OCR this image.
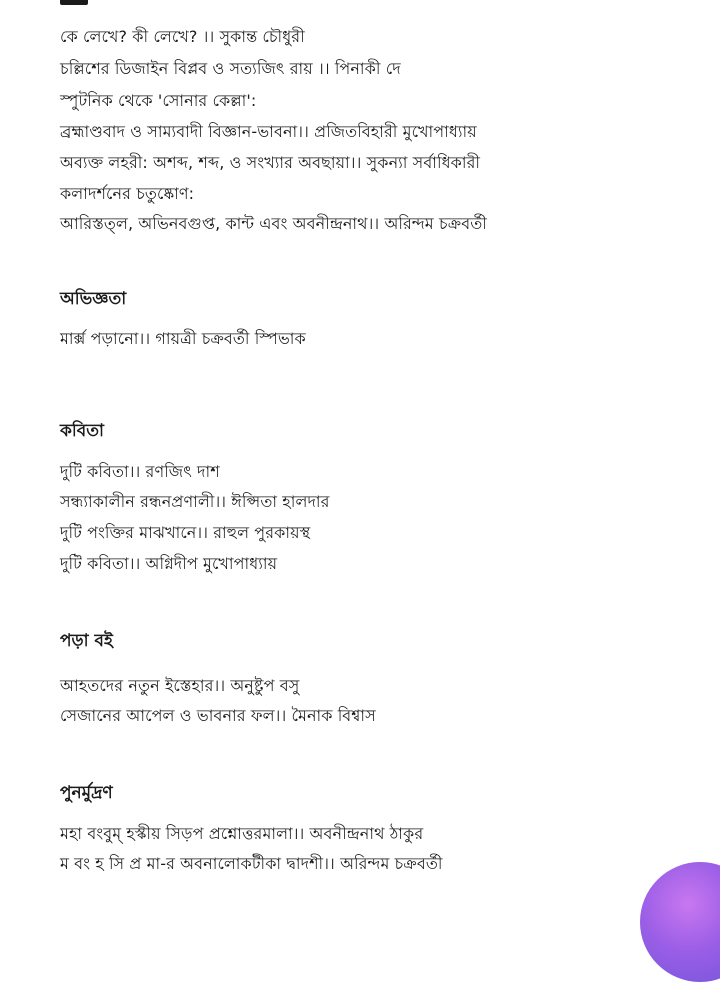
কে লেখে? কী লেখে? ।। সুকান্ত চৌধুরী
চল্লিশের ডিজাইন বিপ্লব ও সত্যজিৎ রায় ।। পিনাকী দে
স্পুটনিক থেকে 'সোনার কেল্লা':
ব্রহ্মাণ্ডবাদ ও সাম্যবাদী বিজ্ঞান-ভাবনা।। প্রজিতবিহারী মুখোপাধ্যায়
অব্যক্ত লহরী: অশব্দ, শব্দ, ও সংখ্যার অবছায়া।। সুকন্যা সর্বাধিকারী
কলাদর্শনের চতুষ্কোণ:
আরিস্তত্‌ল, অভিনবগুপ্ত, কান্ট এবং অবনীন্দ্রনাথ।। অরিন্দম চক্রবর্তী
অভিজ্ঞতা
মার্ক্স পড়ানো।। গায়ত্রী চক্রবর্তী স্পিভাক
কবিতা
দুটি কবিতা।। রণজিৎ দাশ
সন্ধ্যাকালীন রন্ধনপ্রণালী।। ঈপ্সিতা হালদার
দুটি পংক্তির মাঝখানে।। রাহুল পুরকায়স্থ
দুটি কবিতা।। অগ্নিদীপ মুখোপাধ্যায়
পড়া বই
আহতদের নতুন ইস্তেহার।। অনুষ্টুপ বসু
সেজানের আপেল ও ভাবনার ফল।। মৈনাক বিশ্বাস
পুনর্মুদ্রণ
মহা বংবুম্‌ হস্কীয় সিড়প প্রশ্নোত্তরমালা।। অবনীন্দ্রনাথ ঠাকুর
ম বং হ সি প্র মা-র অবনালোকটীকা দ্বাদশী।। অরিন্দম চক্রবর্তী
